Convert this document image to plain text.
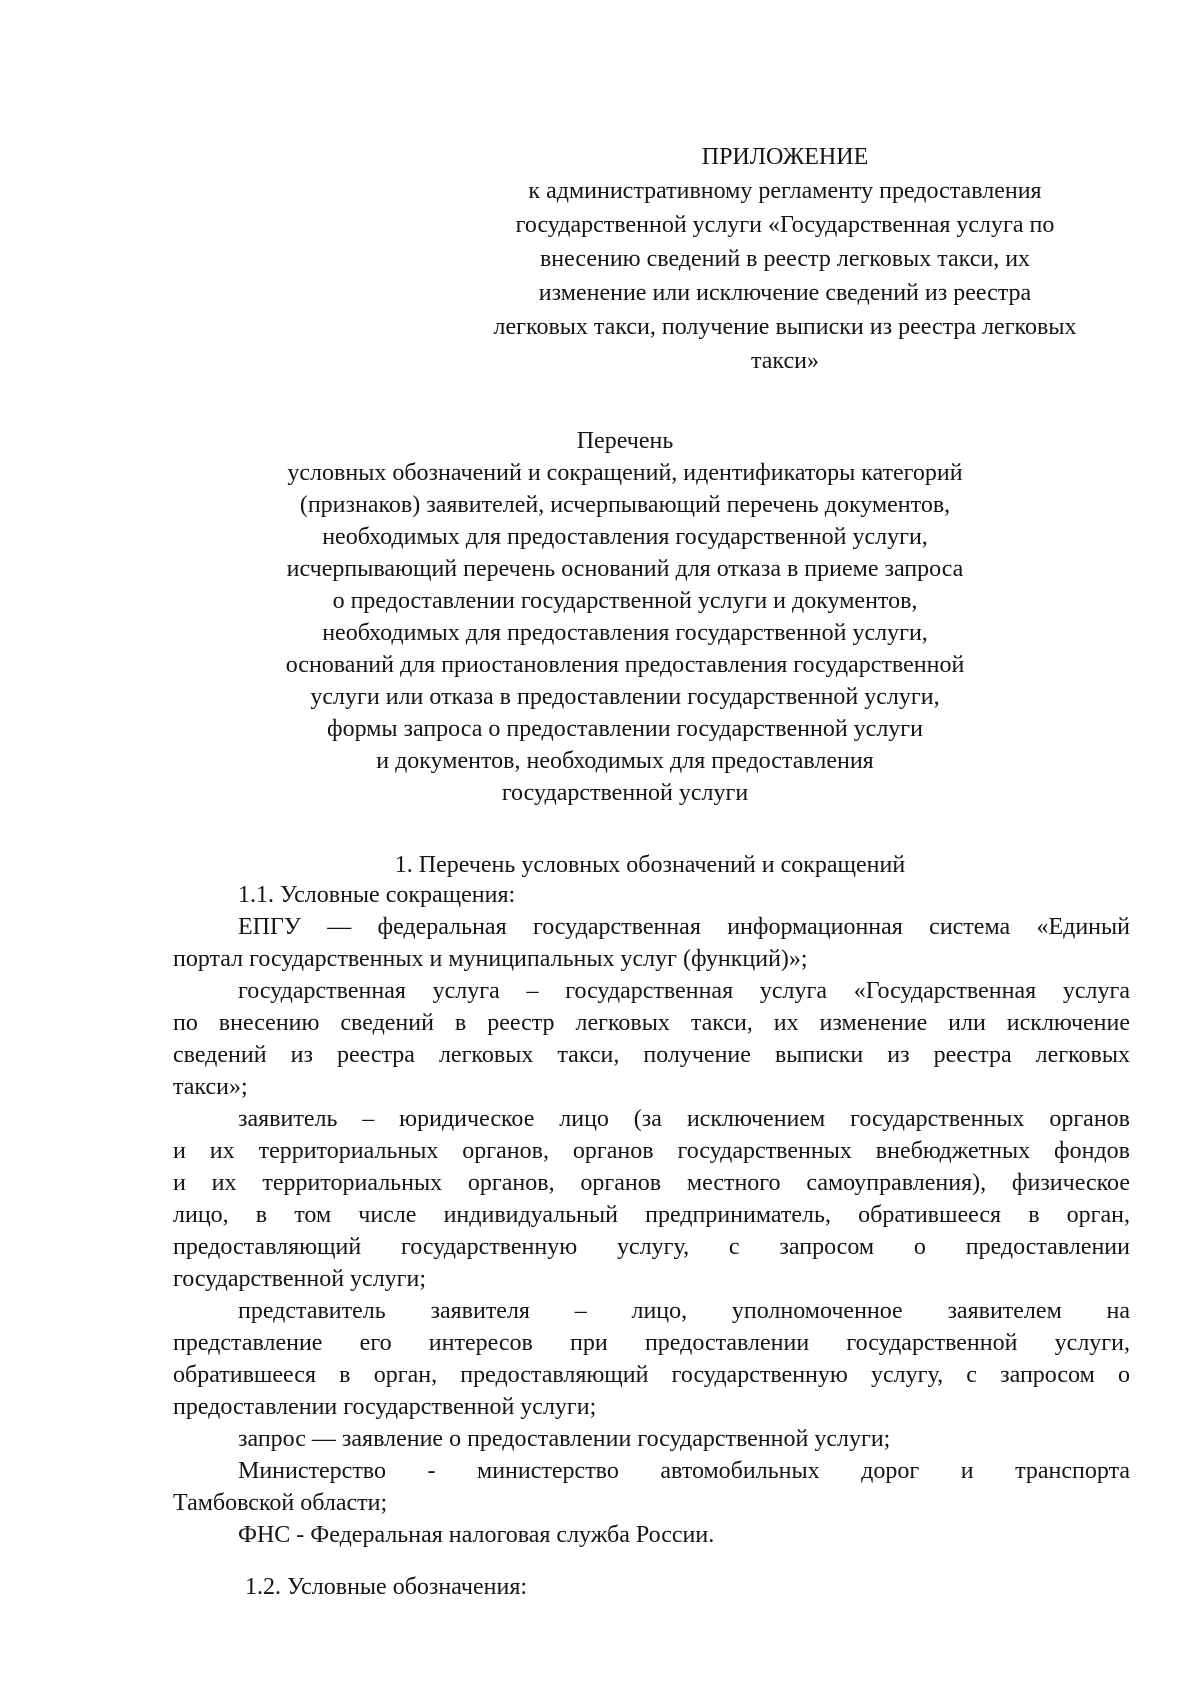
ПРИЛОЖЕНИЕ
к административному регламенту предоставления
государственной услуги «Государственная услуга по
внесению сведений в реестр легковых такси, их
изменение или исключение сведений из реестра
легковых такси, получение выписки из реестра легковых
такси»
Перечень
условных обозначений и сокращений, идентификаторы категорий
(признаков) заявителей, исчерпывающий перечень документов,
необходимых для предоставления государственной услуги,
исчерпывающий перечень оснований для отказа в приеме запроса
о предоставлении государственной услуги и документов,
необходимых для предоставления государственной услуги,
оснований для приостановления предоставления государственной
услуги или отказа в предоставлении государственной услуги,
формы запроса о предоставлении государственной услуги
и документов, необходимых для предоставления
государственной услуги
1. Перечень условных обозначений и сокращений
1.1. Условные сокращения:
ЕПГУ — федеральная государственная информационная система «Единый
портал государственных и муниципальных услуг (функций)»;
государственная услуга – государственная услуга «Государственная услуга
по внесению сведений в реестр легковых такси, их изменение или исключение
сведений из реестра легковых такси, получение выписки из реестра легковых
такси»;
заявитель – юридическое лицо (за исключением государственных органов
и их территориальных органов, органов государственных внебюджетных фондов
и их территориальных органов, органов местного самоуправления), физическое
лицо, в том числе индивидуальный предприниматель, обратившееся в орган,
предоставляющий государственную услугу, с запросом о предоставлении
государственной услуги;
представитель заявителя – лицо, уполномоченное заявителем на
представление его интересов при предоставлении государственной услуги,
обратившееся в орган, предоставляющий государственную услугу, с запросом о
предоставлении государственной услуги;
запрос — заявление о предоставлении государственной услуги;
Министерство - министерство автомобильных дорог и транспорта
Тамбовской области;
ФНС - Федеральная налоговая служба России.
1.2. Условные обозначения:
